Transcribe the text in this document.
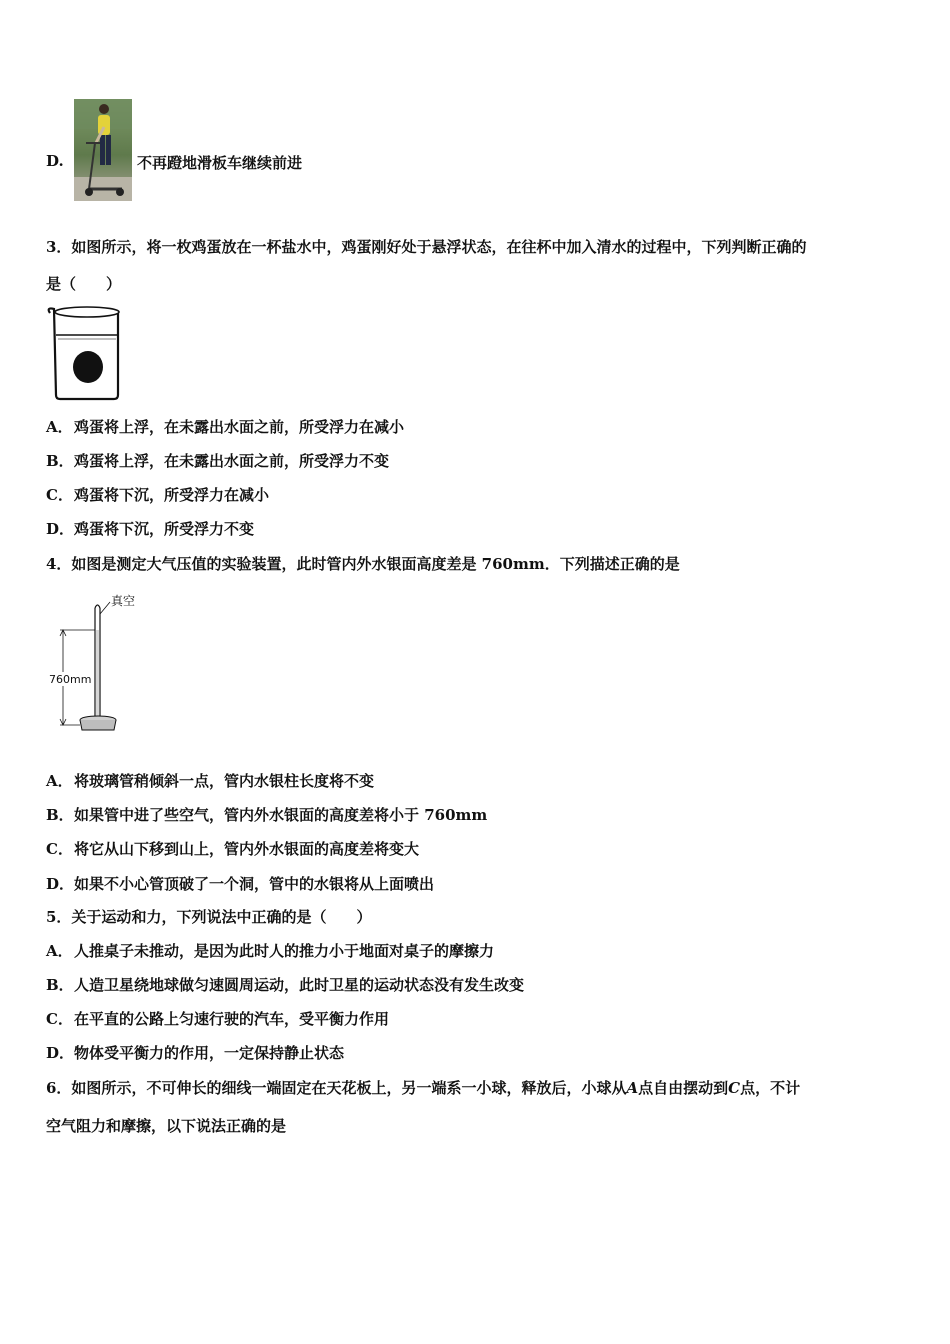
D.	不再蹬地滑板车继续前进
3．如图所示，将一枚鸡蛋放在一杯盐水中，鸡蛋刚好处于悬浮状态，在往杯中加入清水的过程中，下列判断正确的
是（　　）
A．鸡蛋将上浮，在未露出水面之前，所受浮力在减小
B．鸡蛋将上浮，在未露出水面之前，所受浮力不变
C．鸡蛋将下沉，所受浮力在减小
D．鸡蛋将下沉，所受浮力不变
4．如图是测定大气压值的实验装置，此时管内外水银面高度差是 760mm．下列描述正确的是
真空
760mm
A．将玻璃管稍倾斜一点，管内水银柱长度将不变
B．如果管中进了些空气，管内外水银面的高度差将小于 760mm
C．将它从山下移到山上，管内外水银面的高度差将变大
D．如果不小心管顶破了一个洞，管中的水银将从上面喷出
5．关于运动和力，下列说法中正确的是（　　）
A．人推桌子未推动，是因为此时人的推力小于地面对桌子的摩擦力
B．人造卫星绕地球做匀速圆周运动，此时卫星的运动状态没有发生改变
C．在平直的公路上匀速行驶的汽车，受平衡力作用
D．物体受平衡力的作用，一定保持静止状态
6．如图所示，不可伸长的细线一端固定在天花板上，另一端系一小球，释放后，小球从A点自由摆动到C点，不计
空气阻力和摩擦，以下说法正确的是
